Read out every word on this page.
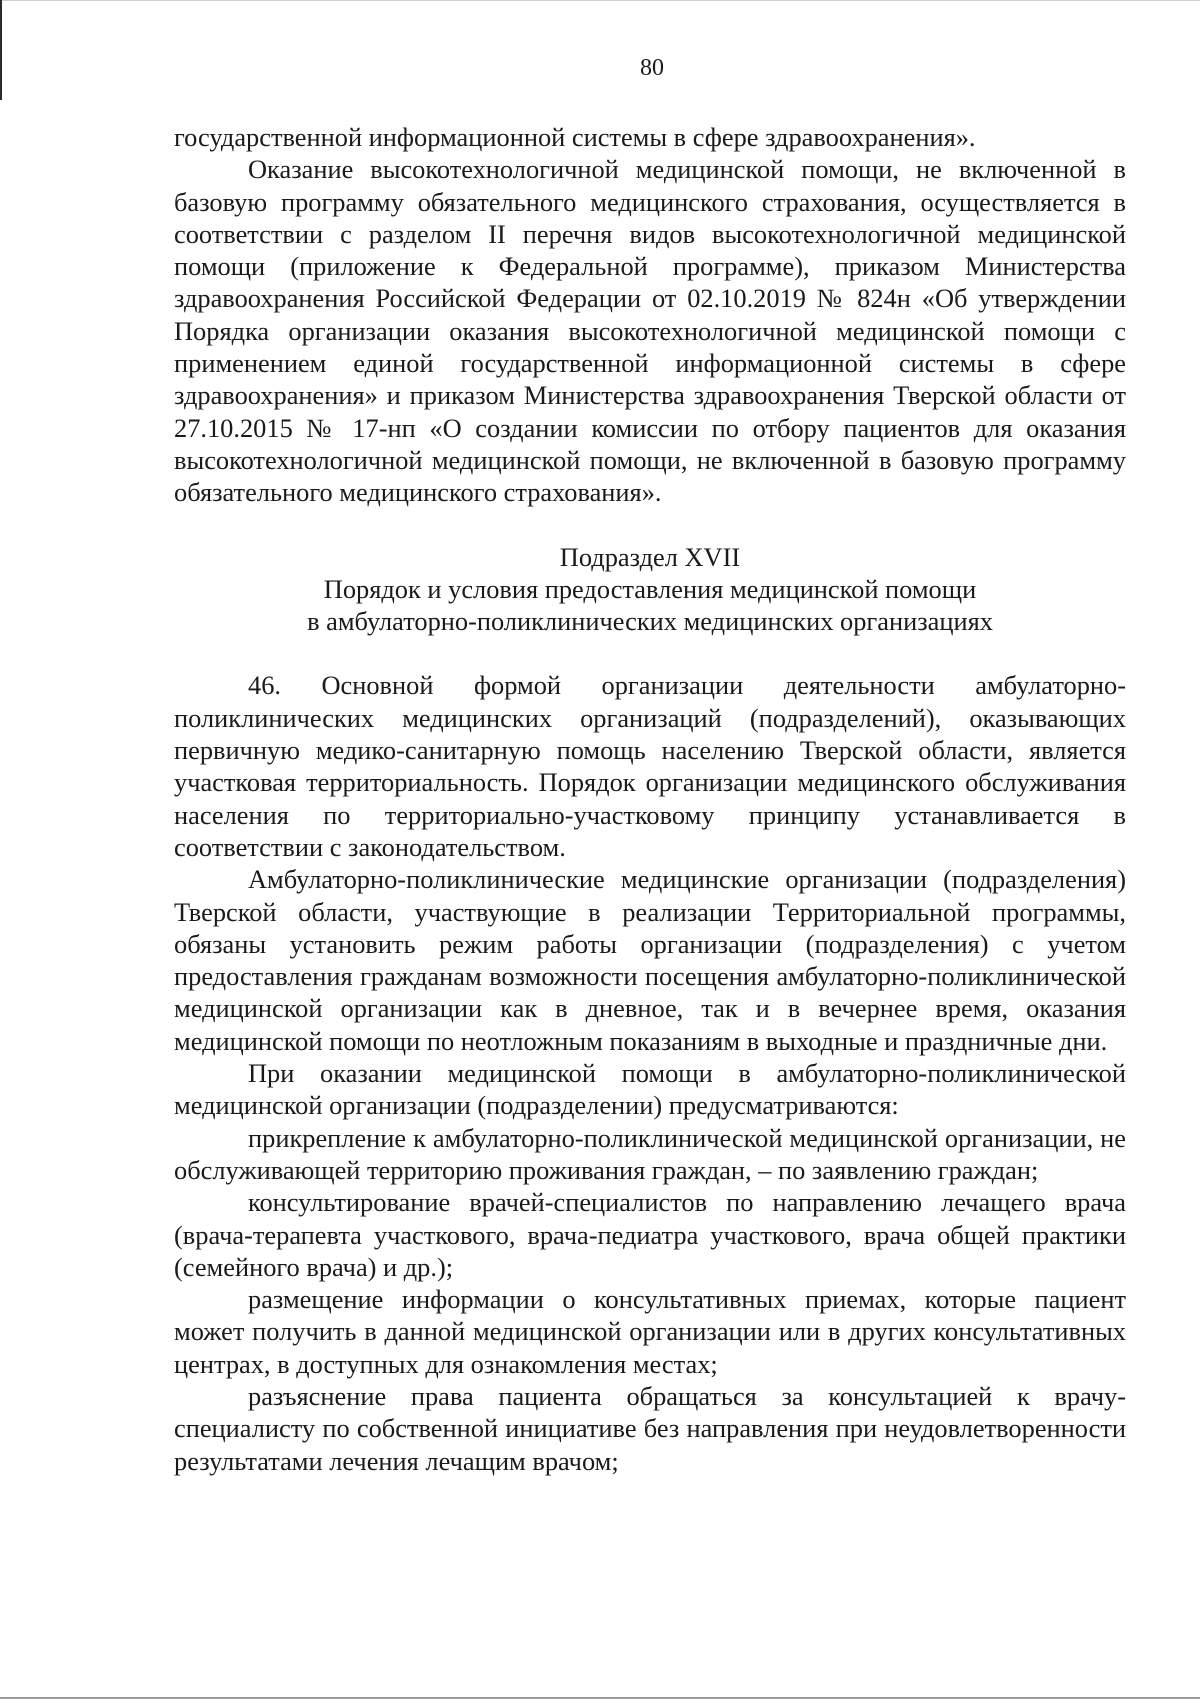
80

государственной информационной системы в сфере здравоохранения».

Оказание высокотехнологичной медицинской помощи, не включенной в базовую программу обязательного медицинского страхования, осуществляется в соответствии с разделом II перечня видов высокотехнологичной медицинской помощи (приложение к Федеральной программе), приказом Министерства здравоохранения Российской Федерации от 02.10.2019 № 824н «Об утверждении Порядка организации оказания высокотехнологичной медицинской помощи с применением единой государственной информационной системы в сфере здравоохранения» и приказом Министерства здравоохранения Тверской области от 27.10.2015 № 17-нп «О создании комиссии по отбору пациентов для оказания высокотехнологичной медицинской помощи, не включенной в базовую программу обязательного медицинского страхования».

Подраздел XVII

Порядок и условия предоставления медицинской помощи

в амбулаторно-поликлинических медицинских организациях

46. Основной формой организации деятельности амбулаторно-поликлинических медицинских организаций (подразделений), оказывающих первичную медико-санитарную помощь населению Тверской области, является участковая территориальность. Порядок организации медицинского обслуживания населения по территориально-участковому принципу устанавливается в соответствии с законодательством.

Амбулаторно-поликлинические медицинские организации (подразделения) Тверской области, участвующие в реализации Территориальной программы, обязаны установить режим работы организации (подразделения) с учетом предоставления гражданам возможности посещения амбулаторно-поликлинической медицинской организации как в дневное, так и в вечернее время, оказания медицинской помощи по неотложным показаниям в выходные и праздничные дни.

При оказании медицинской помощи в амбулаторно-поликлинической медицинской организации (подразделении) предусматриваются:

прикрепление к амбулаторно-поликлинической медицинской организации, не обслуживающей территорию проживания граждан, – по заявлению граждан;

консультирование врачей-специалистов по направлению лечащего врача (врача-терапевта участкового, врача-педиатра участкового, врача общей практики (семейного врача) и др.);

размещение информации о консультативных приемах, которые пациент может получить в данной медицинской организации или в других консультативных центрах, в доступных для ознакомления местах;

разъяснение права пациента обращаться за консультацией к врачу-специалисту по собственной инициативе без направления при неудовлетворенности результатами лечения лечащим врачом;
